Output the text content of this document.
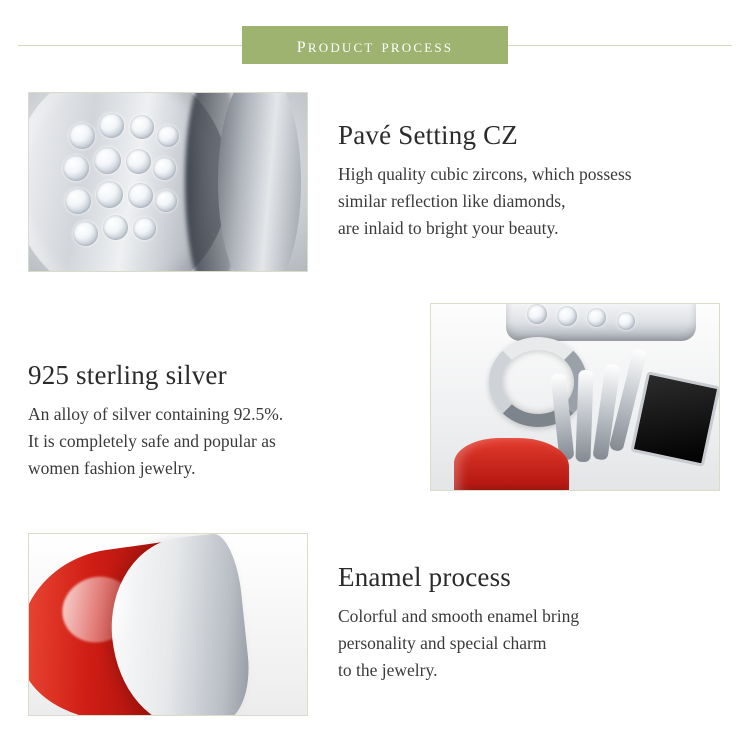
product process
Pavé Setting CZ

High quality cubic zircons, which possess

similar reflection like diamonds,

are inlaid to bright your beauty.

925 sterling silver

An alloy of silver containing 92.5%.

It is completely safe and popular as

women fashion jewelry.

Enamel process

Colorful and smooth enamel bring

personality and special charm

to the jewelry.
